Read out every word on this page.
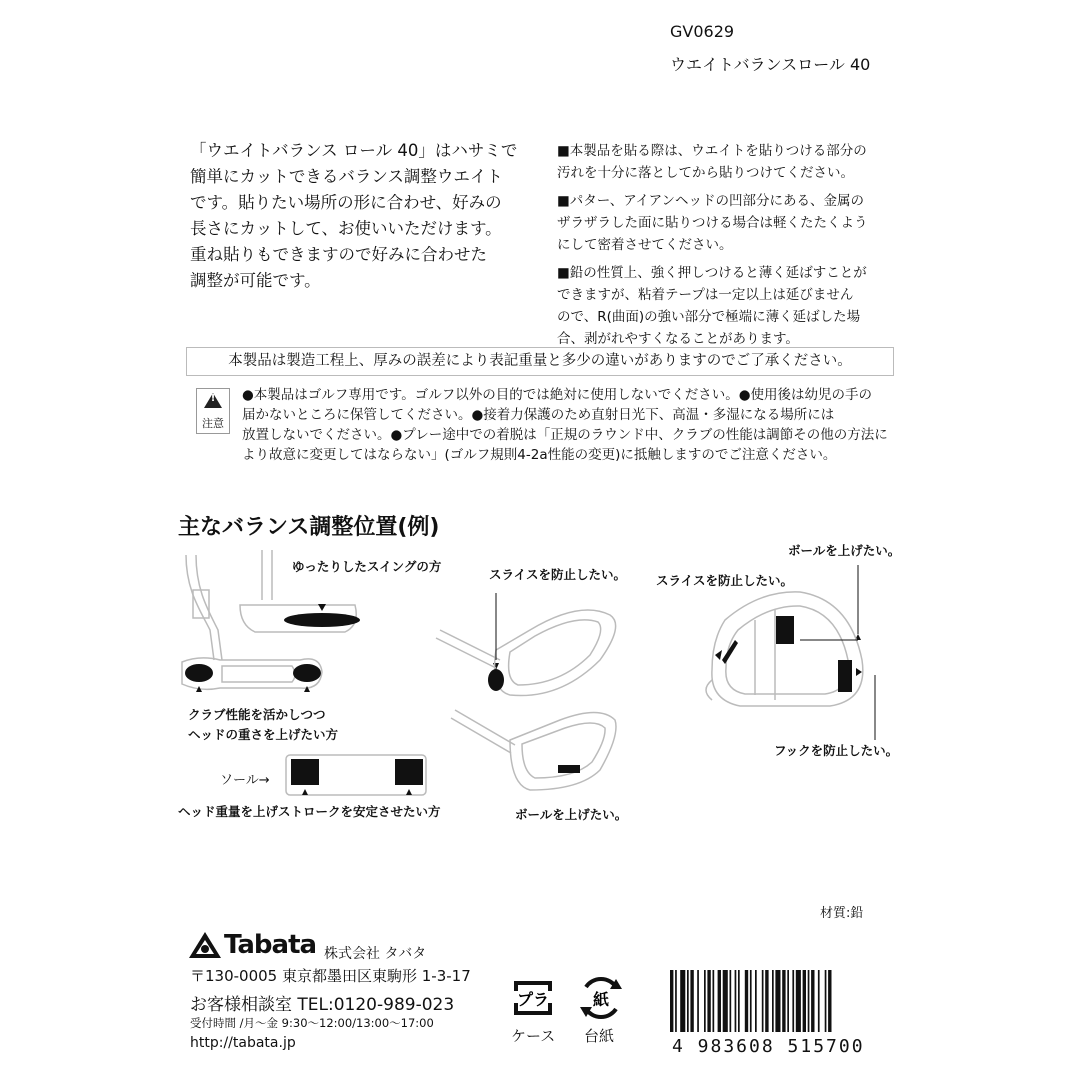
GV0629
ウエイトバランスロール 40
「ウエイトバランス ロール 40」はハサミで
簡単にカットできるバランス調整ウエイト
です。貼りたい場所の形に合わせ、好みの
長さにカットして、お使いいただけます。
重ね貼りもできますので好みに合わせた
調整が可能です。

■本製品を貼る際は、ウエイトを貼りつける部分の
汚れを十分に落としてから貼りつけてください。

■パター、アイアンヘッドの凹部分にある、金属の
ザラザラした面に貼りつける場合は軽くたたくよう
にして密着させてください。

■鉛の性質上、強く押しつけると薄く延ばすことが
できますが、粘着テープは一定以上は延びません
ので、R(曲面)の強い部分で極端に薄く延ばした場
合、剥がれやすくなることがあります。

本製品は製造工程上、厚みの誤差により表記重量と多少の違いがありますのでご了承ください。
!
注意
●本製品はゴルフ専用です。ゴルフ以外の目的では絶対に使用しないでください。●使用後は幼児の手の
届かないところに保管してください。●接着力保護のため直射日光下、高温・多湿になる場所には
放置しないでください。●プレー途中での着脱は「正規のラウンド中、クラブの性能は調節その他の方法に
より故意に変更してはならない」(ゴルフ規則4-2a性能の変更)に抵触しますのでご注意ください。
主なバランス調整位置(例)
ゆったりしたスイングの方
クラブ性能を活かしつつ
ヘッドの重さを上げたい方
ソール→
ヘッド重量を上げストロークを安定させたい方
スライスを防止したい。
ボールを上げたい。
スライスを防止したい。
ボールを上げたい。
フックを防止したい。
材質:鉛
Tabata 株式会社 タバタ
〒130-0005 東京都墨田区東駒形 1-3-17
お客様相談室 TEL:0120-989-023
受付時間 /月〜金 9:30〜12:00/13:00〜17:00
http://tabata.jp
プラ
ケース
紙
台紙	4 983608 515700
